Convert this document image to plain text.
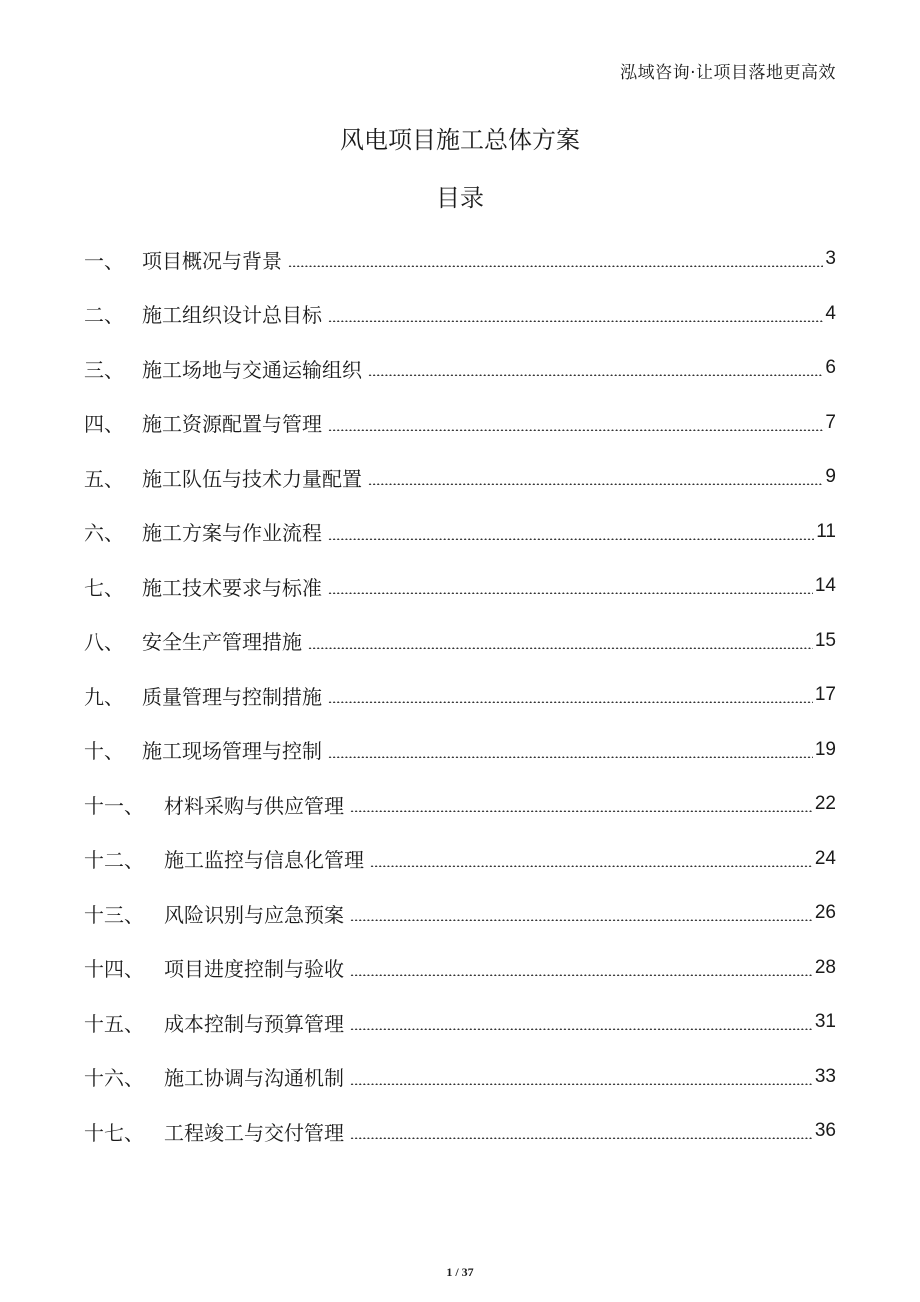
泓域咨询·让项目落地更高效
风电项目施工总体方案
目录
一、 项目概况与背景	3
二、 施工组织设计总目标	4
三、 施工场地与交通运输组织	6
四、 施工资源配置与管理	7
五、 施工队伍与技术力量配置	9
六、 施工方案与作业流程	11
七、 施工技术要求与标准	14
八、 安全生产管理措施	15
九、 质量管理与控制措施	17
十、 施工现场管理与控制	19
十一、	材料采购与供应管理	22
十二、	施工监控与信息化管理	24
十三、	风险识别与应急预案	26
十四、	项目进度控制与验收	28
十五、	成本控制与预算管理	31
十六、	施工协调与沟通机制	33
十七、	工程竣工与交付管理	36
1 / 37
